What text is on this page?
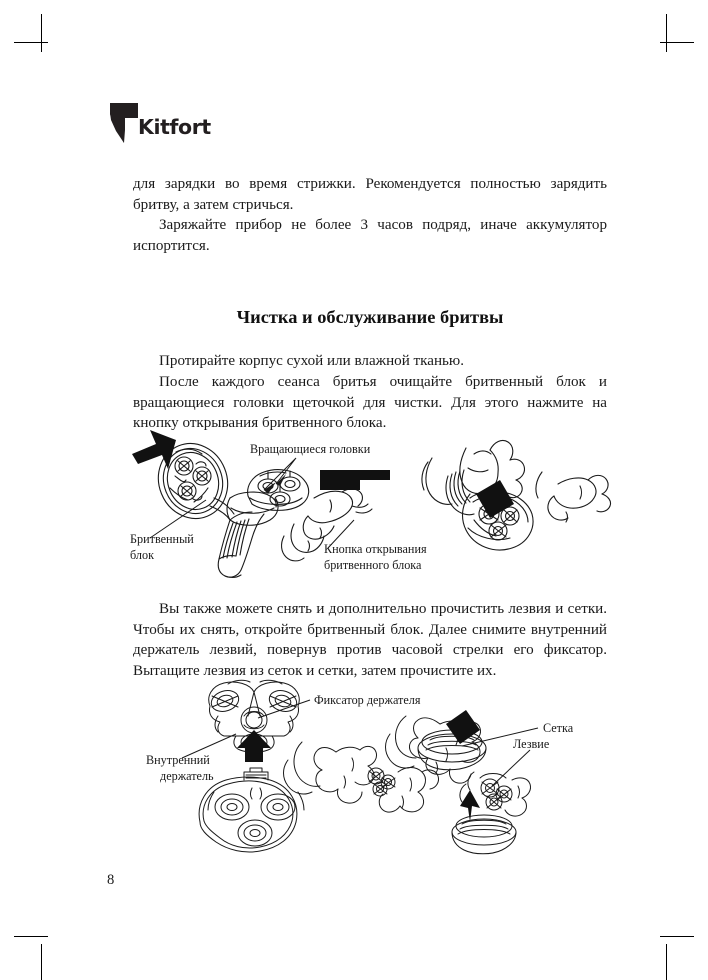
Kitfort
для зарядки во время стрижки. Рекомендуется полностью зарядить бритву, а затем стричься.
Заряжайте прибор не более 3 часов подряд, иначе аккумулятор испортится.
Чистка и обслуживание бритвы
Протирайте корпус сухой или влажной тканью.
После каждого сеанса бритья очищайте бритвенный блок и вращающиеся головки щеточкой для чистки. Для этого нажмите на кнопку открывания бритвенного блока.
Вращающиеся головки
Бритвенный
блок	Кнопка открывания
бритвенного блока
Вы также можете снять и дополнительно прочистить лезвия и сетки. Чтобы их снять, откройте бритвенный блок. Далее снимите внутренний держатель лезвий, повернув против часовой стрелки его фиксатор. Вытащите лезвия из сеток и сетки, затем прочистите их.
Фиксатор держателя
Внутренний
держатель
Сетка
Лезвие
8
